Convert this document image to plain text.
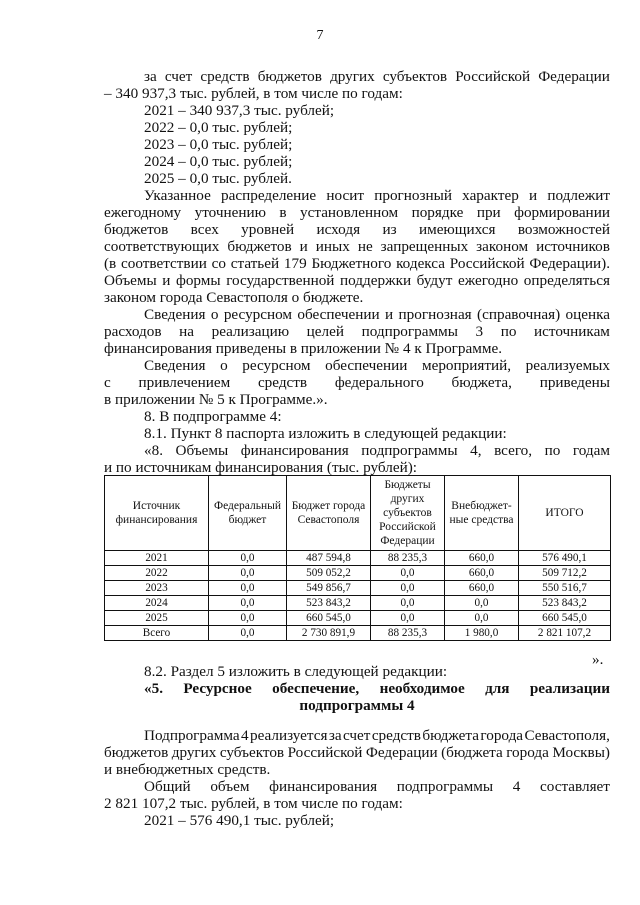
7
за счет средств бюджетов других субъектов Российской Федерации
– 340 937,3 тыс. рублей, в том числе по годам:
2021 – 340 937,3 тыс. рублей;
2022 – 0,0 тыс. рублей;
2023 – 0,0 тыс. рублей;
2024 – 0,0 тыс. рублей;
2025 – 0,0 тыс. рублей.
Указанное распределение носит прогнозный характер и подлежит
ежегодному уточнению в установленном порядке при формировании
бюджетов всех уровней исходя из имеющихся возможностей
соответствующих бюджетов и иных не запрещенных законом источников
(в соответствии со статьей 179 Бюджетного кодекса Российской Федерации).
Объемы и формы государственной поддержки будут ежегодно определяться
законом города Севастополя о бюджете.
Сведения о ресурсном обеспечении и прогнозная (справочная) оценка
расходов на реализацию целей подпрограммы 3 по источникам
финансирования приведены в приложении № 4 к Программе.
Сведения о ресурсном обеспечении мероприятий, реализуемых
с привлечением средств федерального бюджета, приведены
в приложении № 5 к Программе.».
8. В подпрограмме 4:
8.1. Пункт 8 паспорта изложить в следующей редакции:
«8. Объемы финансирования подпрограммы 4, всего, по годам
и по источникам финансирования (тыс. рублей):
Источник финансирования	Федеральный бюджет	Бюджет города Севастополя	Бюджеты других субъектов Российской Федерации	Внебюджет-ные средства	ИТОГО
2021	0,0	487 594,8	88 235,3	660,0	576 490,1
2022	0,0	509 052,2	0,0	660,0	509 712,2
2023	0,0	549 856,7	0,0	660,0	550 516,7
2024	0,0	523 843,2	0,0	0,0	523 843,2
2025	0,0	660 545,0	0,0	0,0	660 545,0
Всего	0,0	2 730 891,9	88 235,3	1 980,0	2 821 107,2
».
8.2. Раздел 5 изложить в следующей редакции:
«5. Ресурсное обеспечение, необходимое для реализации
подпрограммы 4
Подпрограмма 4 реализуется за счет средств бюджета города Севастополя,
бюджетов других субъектов Российской Федерации (бюджета города Москвы)
и внебюджетных средств.
Общий объем финансирования подпрограммы 4 составляет
2 821 107,2 тыс. рублей, в том числе по годам:
2021 – 576 490,1 тыс. рублей;
